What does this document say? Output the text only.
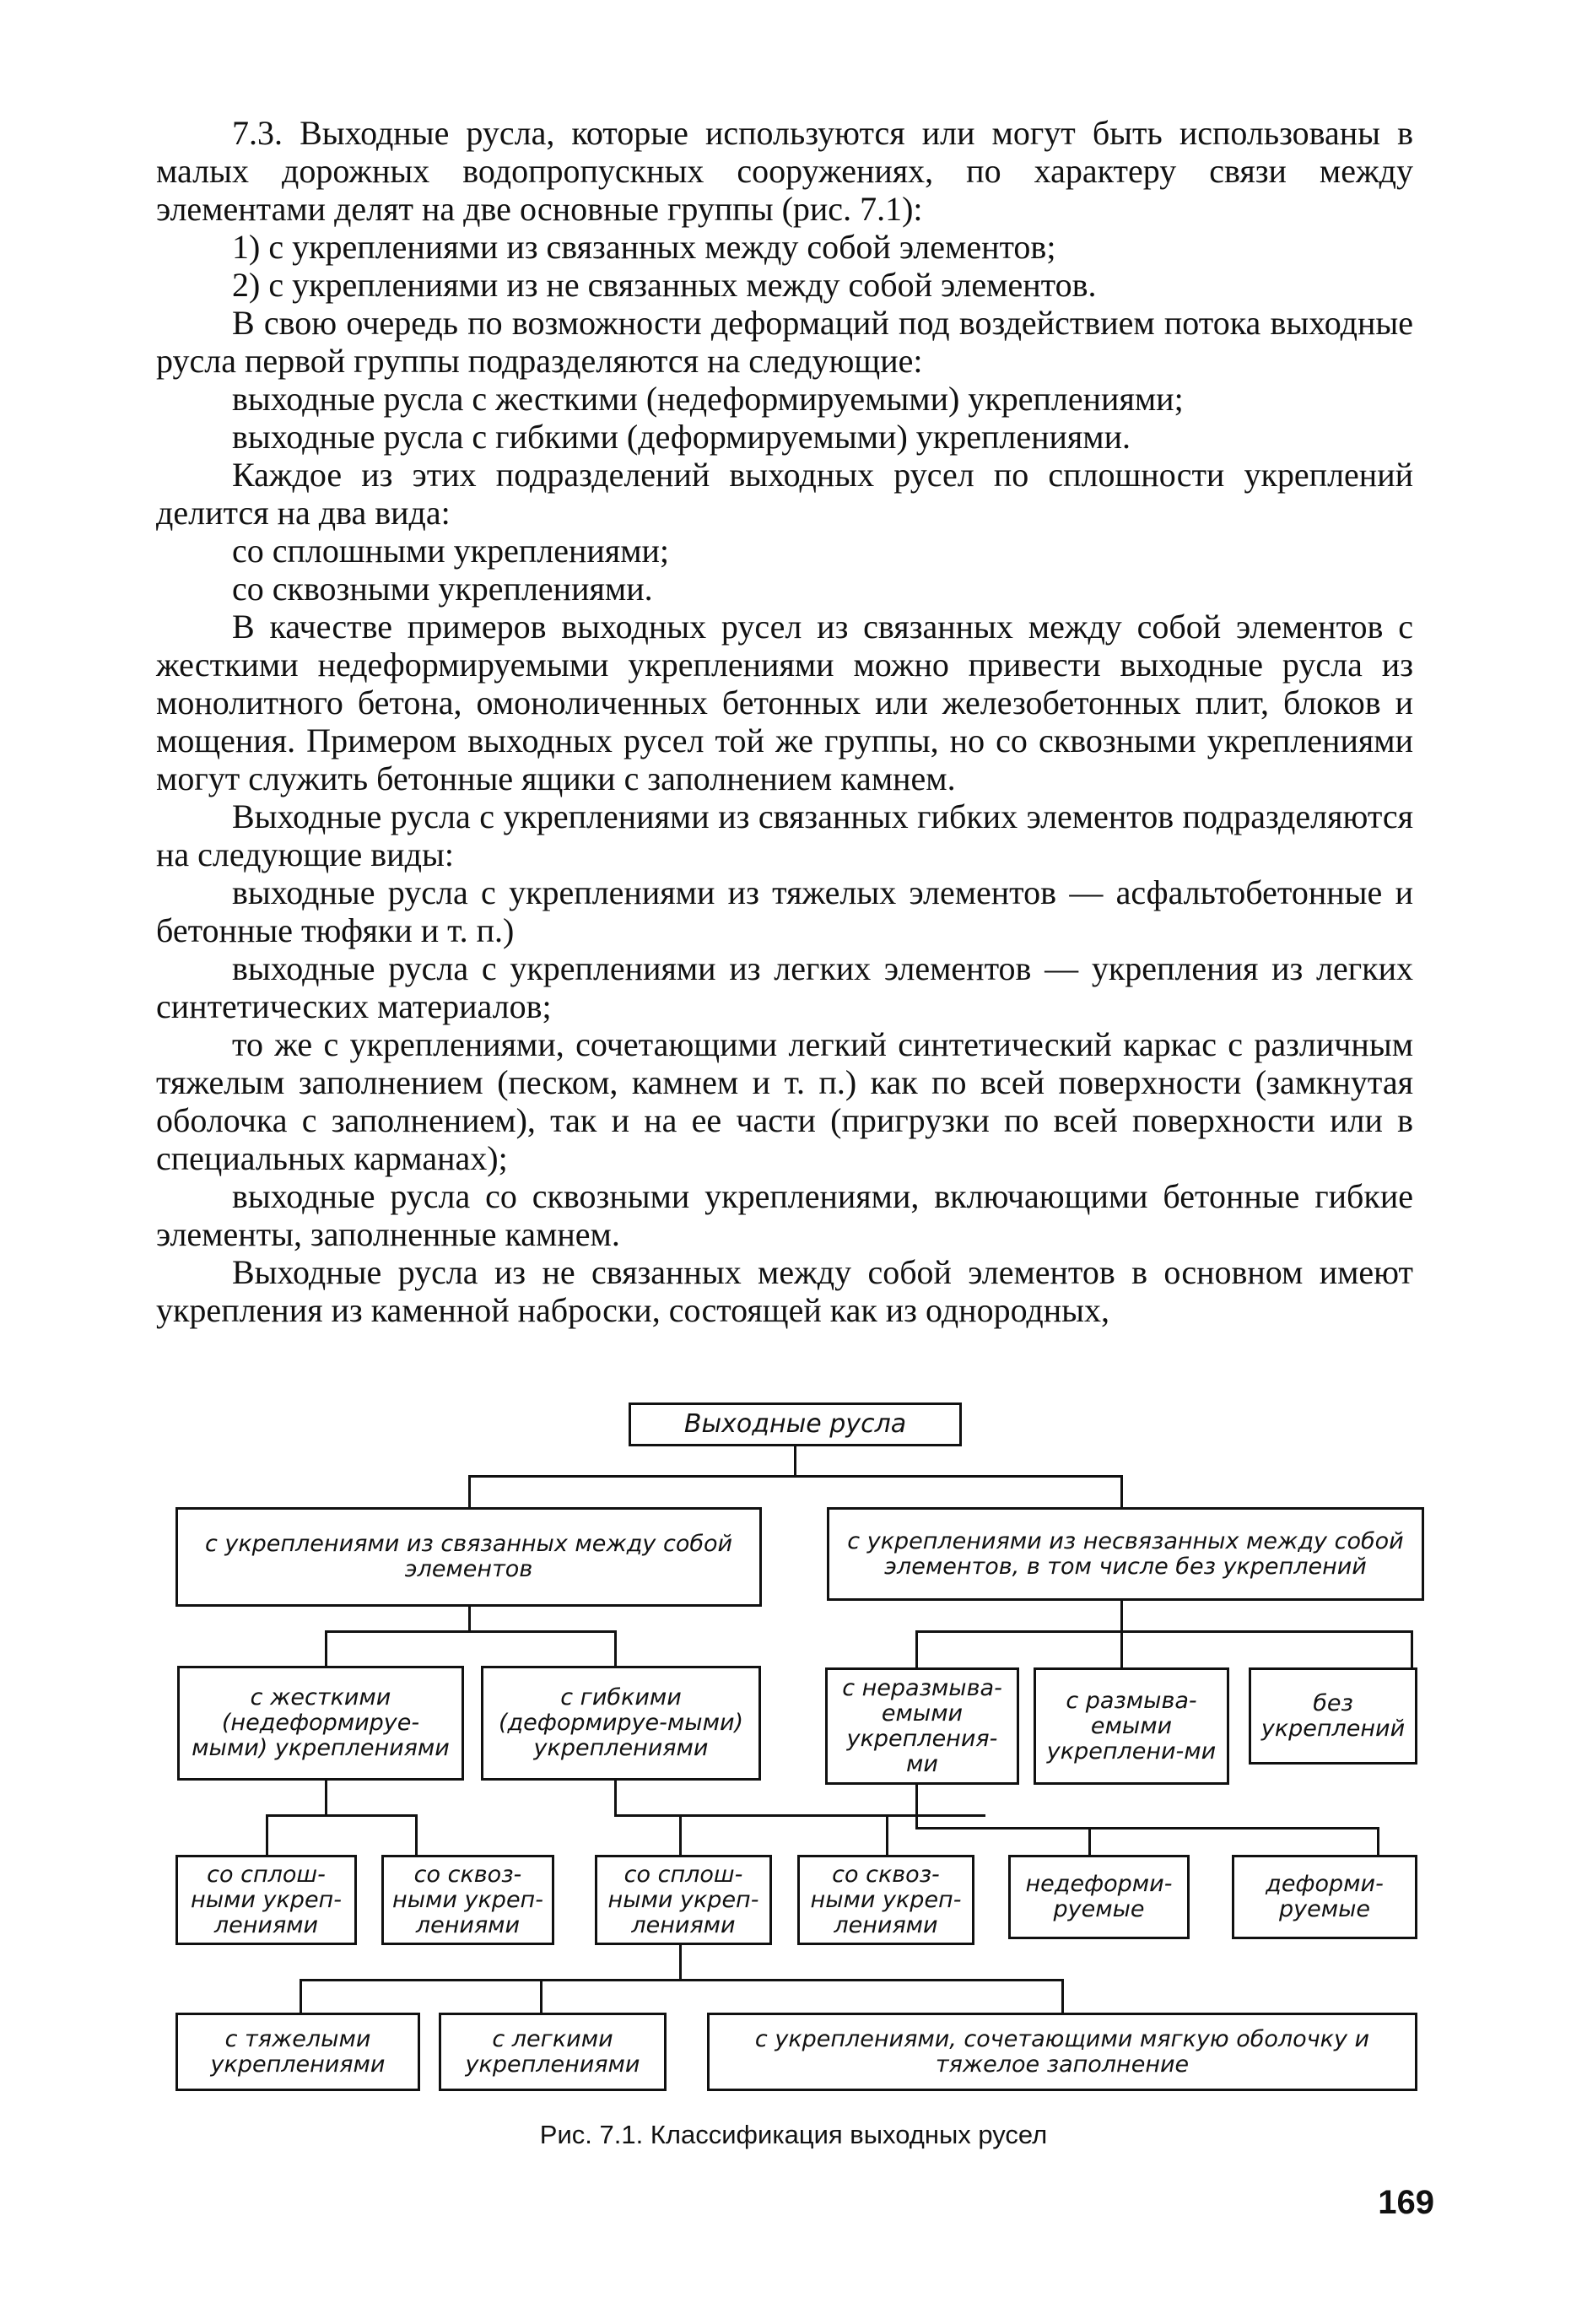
7.3. Выходные русла, которые используются или могут быть использованы в малых дорожных водопропускных сооружениях, по характеру связи между элементами делят на две основные группы (рис. 7.1):

1) с укреплениями из связанных между собой элементов;

2) с укреплениями из не связанных между собой элементов.

В свою очередь по возможности деформаций под воздействием потока выходные русла первой группы подразделяются на следующие:

выходные русла с жесткими (недеформируемыми) укреплениями;

выходные русла с гибкими (деформируемыми) укреплениями.

Каждое из этих подразделений выходных русел по сплошности укреплений делится на два вида:

со сплошными укреплениями;

со сквозными укреплениями.

В качестве примеров выходных русел из связанных между собой элементов с жесткими недеформируемыми укреплениями можно привести выходные русла из монолитного бетона, омоноличенных бетонных или железобетонных плит, блоков и мощения. Примером выходных русел той же группы, но со сквозными укреплениями могут служить бетонные ящики с заполнением камнем.

Выходные русла с укреплениями из связанных гибких элементов подразделяются на следующие виды:

выходные русла с укреплениями из тяжелых элементов — асфальтобетонные и бетонные тюфяки и т. п.)

выходные русла с укреплениями из легких элементов — укрепления из легких синтетических материалов;

то же с укреплениями, сочетающими легкий синтетический каркас с различным тяжелым заполнением (песком, камнем и т. п.) как по всей поверхности (замкнутая оболочка с заполнением), так и на ее части (пригрузки по всей поверхности или в специальных карманах);

выходные русла со сквозными укреплениями, включающими бетонные гибкие элементы, заполненные камнем.

Выходные русла из не связанных между собой элементов в основном имеют укрепления из каменной наброски, состоящей как из однородных,

Выходные русла
с укреплениями из связанных между собой элементов
с укреплениями из несвязанных между собой элементов, в том числе без укреплений
с жесткими (недеформируе-мыми) укреплениями
с гибкими (деформируе-мыми) укреплениями
с неразмыва-емыми укрепления-ми
с размыва-емыми укреплени-ми
без укреплений
со сплош-ными укреп-лениями
со сквоз-ными укреп-лениями
со сплош-ными укреп-лениями
со сквоз-ными укреп-лениями
недеформи-руемые
деформи-руемые
с тяжелыми укреплениями
с легкими укреплениями
с укреплениями, сочетающими мягкую оболочку и тяжелое заполнение
Рис. 7.1. Классификация выходных русел
169
